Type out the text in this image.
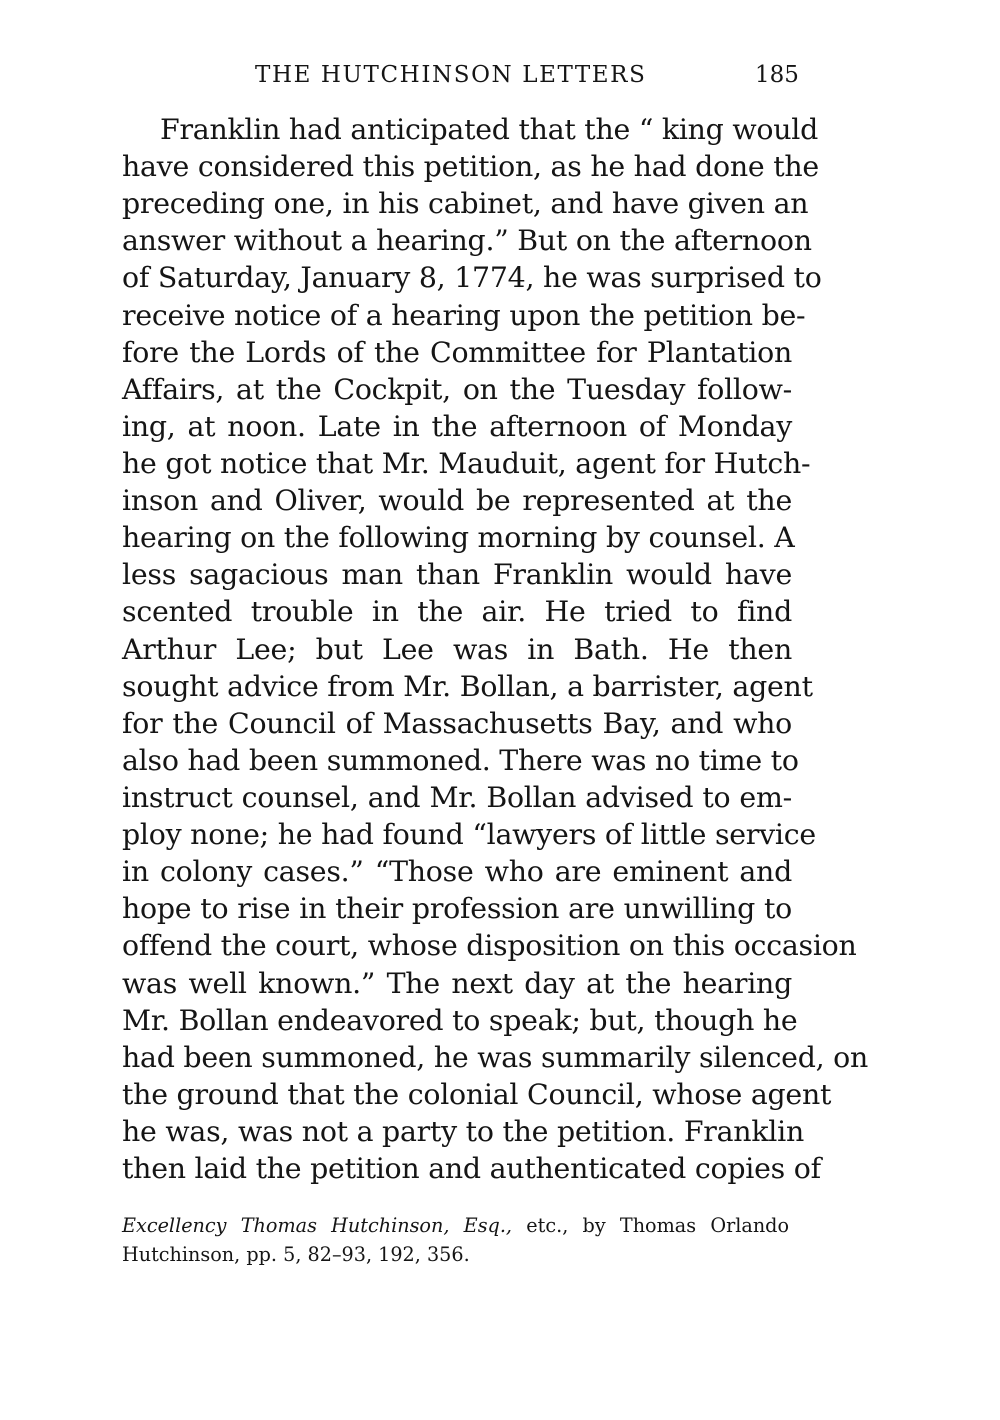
THE HUTCHINSON LETTERS	185
Franklin had anticipated that the “ king would
have considered this petition, as he had done the
preceding one, in his cabinet, and have given an
answer without a hearing.” But on the afternoon
of Saturday, January 8, 1774, he was surprised to
receive notice of a hearing upon the petition be-
fore the Lords of the Committee for Plantation
Affairs, at the Cockpit, on the Tuesday follow-
ing, at noon. Late in the afternoon of Monday
he got notice that Mr. Mauduit, agent for Hutch-
inson and Oliver, would be represented at the
hearing on the following morning by counsel. A
less sagacious man than Franklin would have
scented trouble in the air. He tried to find
Arthur Lee; but Lee was in Bath. He then
sought advice from Mr. Bollan, a barrister, agent
for the Council of Massachusetts Bay, and who
also had been summoned. There was no time to
instruct counsel, and Mr. Bollan advised to em-
ploy none; he had found “lawyers of little service
in colony cases.” “Those who are eminent and
hope to rise in their profession are unwilling to
offend the court, whose disposition on this occasion
was well known.” The next day at the hearing
Mr. Bollan endeavored to speak; but, though he
had been summoned, he was summarily silenced, on
the ground that the colonial Council, whose agent
he was, was not a party to the petition. Franklin
then laid the petition and authenticated copies of
Excellency Thomas Hutchinson, Esq., etc., by Thomas Orlando
Hutchinson, pp. 5, 82–93, 192, 356.
